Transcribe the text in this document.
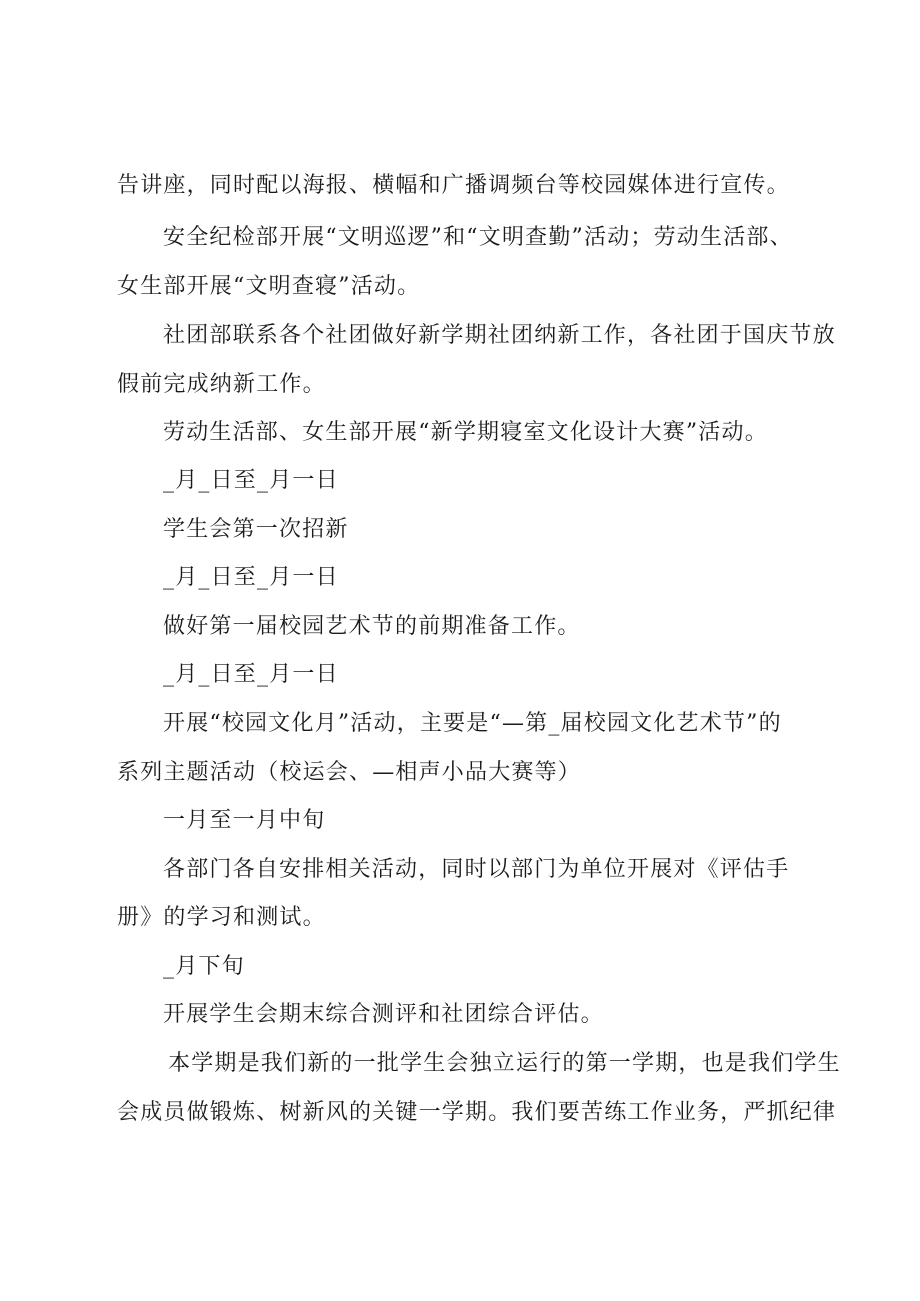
告讲座，同时配以海报、横幅和广播调频台等校园媒体进行宣传。
安全纪检部开展“文明巡逻”和“文明查勤”活动；劳动生活部、
女生部开展“文明查寝”活动。
社团部联系各个社团做好新学期社团纳新工作，各社团于国庆节放
假前完成纳新工作。
劳动生活部、女生部开展“新学期寝室文化设计大赛”活动。
_月_日至_月一日
学生会第一次招新
_月_日至_月一日
做好第一届校园艺术节的前期准备工作。
_月_日至_月一日
开展“校园文化月”活动，主要是“—第_届校园文化艺术节”的
系列主题活动（校运会、—相声小品大赛等）
一月至一月中旬
各部门各自安排相关活动，同时以部门为单位开展对《评估手
册》的学习和测试。
_月下旬
开展学生会期末综合测评和社团综合评估。
本学期是我们新的一批学生会独立运行的第一学期，也是我们学生
会成员做锻炼、树新风的关键一学期。我们要苦练工作业务，严抓纪律
